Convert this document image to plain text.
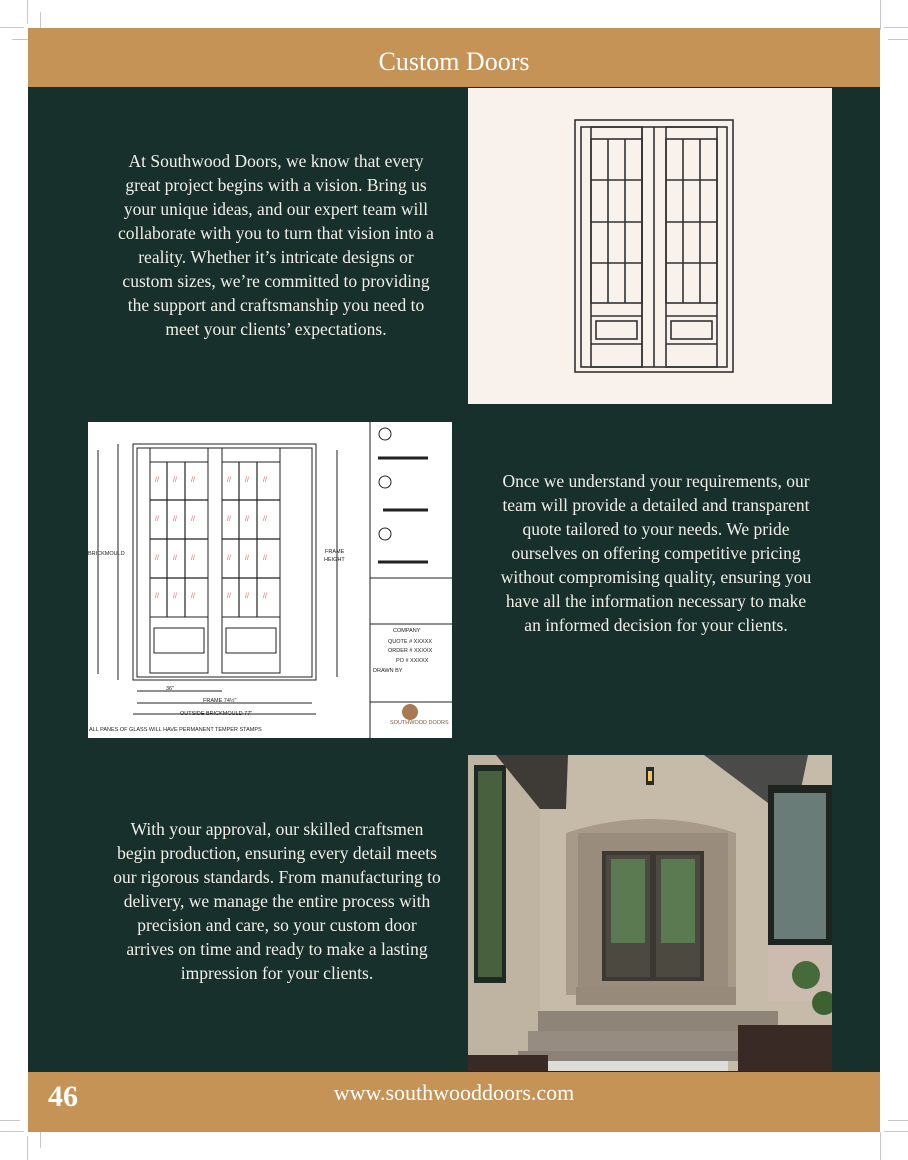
Custom Doors
At Southwood Doors, we know that every great project begins with a vision. Bring us your unique ideas, and our expert team will collaborate with you to turn that vision into a reality. Whether it’s intricate designs or custom sizes, we’re committed to providing the support and craftsmanship you need to meet your clients’ expectations.
// // //	// // //
// // //	// // //
// // //	// // //
// // //	// // //
FRAME
HEIGHT
BRICKMOULD
36"
FRAME 74½"
OUTSIDE BRICKMOULD 77"
ALL PANES OF GLASS WILL HAVE PERMANENT TEMPER STAMPS
COMPANY
QUOTE # XXXXX
ORDER # XXXXX
PO # XXXXX
DRAWN BY
SOUTHWOOD DOORS
Once we understand your requirements, our team will provide a detailed and transparent quote tailored to your needs. We pride ourselves on offering competitive pricing without compromising quality, ensuring you have all the information necessary to make an informed decision for your clients.
With your approval, our skilled craftsmen begin production, ensuring every detail meets our rigorous standards. From manufacturing to delivery, we manage the entire process with precision and care, so your custom door arrives on time and ready to make a lasting impression for your clients.
46	www.southwooddoors.com
